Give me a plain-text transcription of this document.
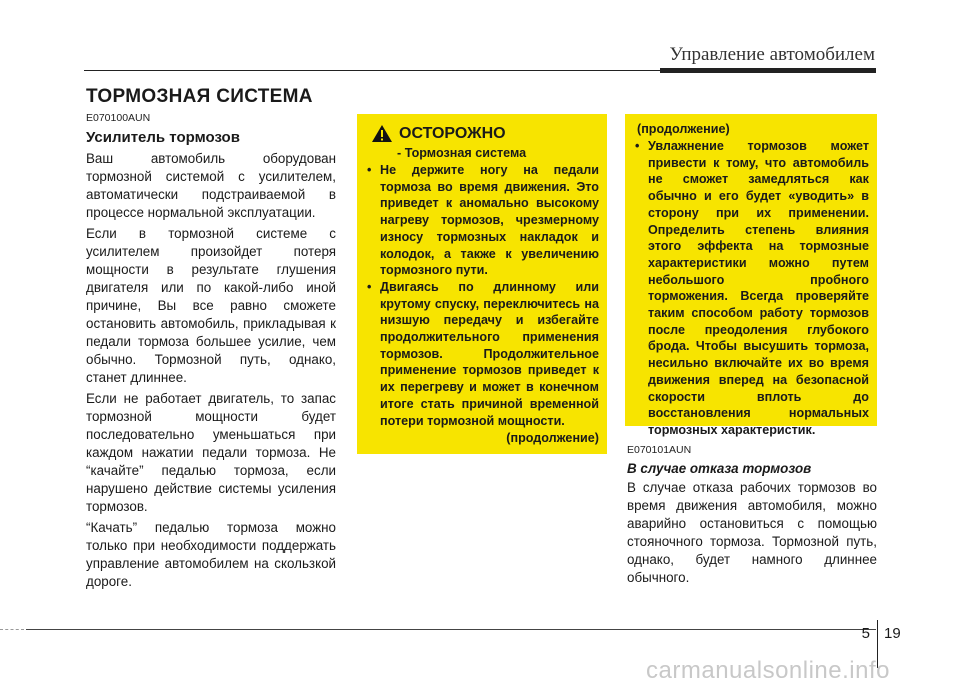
Управление автомобилем
ТОРМОЗНАЯ СИСТЕМА
E070100AUN
Усилитель тормозов

Ваш автомобиль оборудован тормозной системой с усилителем, автоматически подстраиваемой в процессе нормальной эксплуатации.

Если в тормозной системе с усилителем произойдет потеря мощности в результате глушения двигателя или по какой-либо иной причине, Вы все равно сможете остановить автомобиль, прикладывая к педали тормоза большее усилие, чем обычно. Тормозной путь, однако, станет длиннее.

Если не работает двигатель, то запас тормозной мощности будет последовательно уменьшаться при каждом нажатии педали тормоза. Не “качайте” педалью тормоза, если нарушено действие системы усиления тормозов.

“Качать” педалью тормоза можно только при необходимости поддержать управление автомобилем на скользкой дороге.

ОСТОРОЖНО
- Тормозная система
• Не держите ногу на педали тормоза во время движения. Это приведет к аномально высокому нагреву тормозов, чрезмерному износу тормозных накладок и колодок, а также к увеличению тормозного пути.
• Двигаясь по длинному или крутому спуску, переключитесь на низшую передачу и избегайте продолжительного применения тормозов. Продолжительное применение тормозов приведет к их перегреву и может в конечном итоге стать причиной временной потери тормозной мощности.
(продолжение)
(продолжение)
• Увлажнение тормозов может привести к тому, что автомобиль не сможет замедляться как обычно и его будет «уводить» в сторону при их применении. Определить степень влияния этого эффекта на тормозные характеристики можно путем небольшого пробного торможения. Всегда проверяйте таким способом работу тормозов после преодоления глубокого брода. Чтобы высушить тормоза, несильно включайте их во время движения вперед на безопасной скорости вплоть до восстановления нормальных тормозных характеристик.
E070101AUN
В случае отказа тормозов

В случае отказа рабочих тормозов во время движения автомобиля, можно аварийно остановиться с помощью стояночного тормоза. Тормозной путь, однако, будет намного длиннее обычного.

5 19
carmanualsonline.info
